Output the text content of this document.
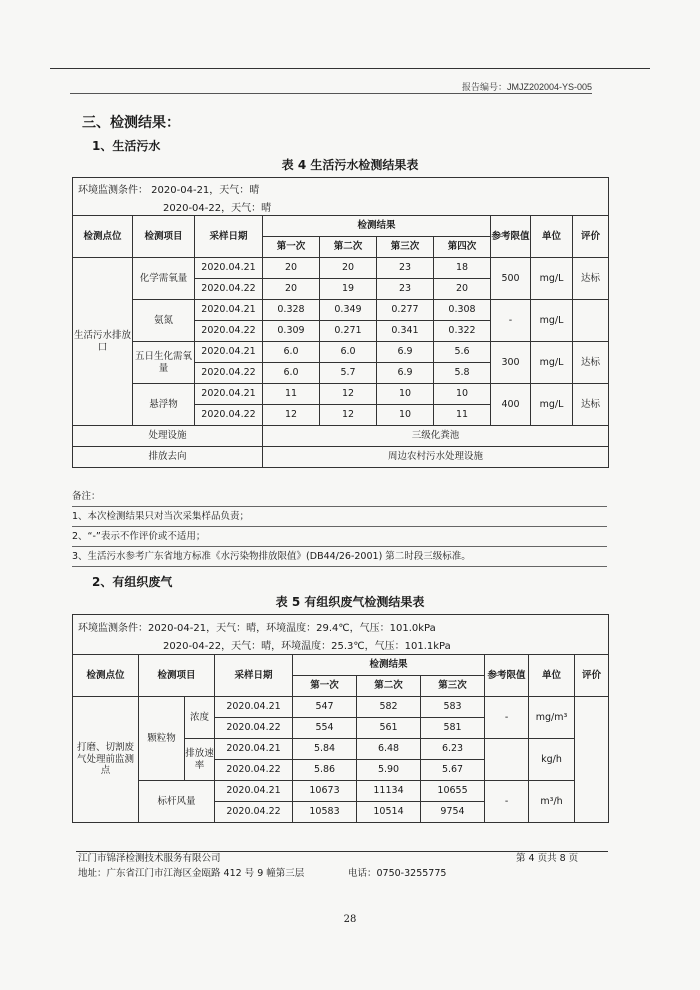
报告编号：JMJZ202004-YS-005
三、检测结果：
1、生活污水
表 4 生活污水检测结果表
环境监测条件： 2020-04-21，天气：晴
2020-04-22，天气：晴
检测点位	检测项目	采样日期	检测结果				参考限值	单位	评价
			第一次	第二次	第三次	第四次			
生活污水排放口	化学需氧量	2020.04.21	20	20	23	18	500	mg/L	达标
		2020.04.22	20	19	23	20			
	氨氮	2020.04.21	0.328	0.349	0.277	0.308	-	mg/L	
		2020.04.22	0.309	0.271	0.341	0.322			
	五日生化需氧量	2020.04.21	6.0	6.0	6.9	5.6	300	mg/L	达标
		2020.04.22	6.0	5.7	6.9	5.8			
	悬浮物	2020.04.21	11	12	10	10	400	mg/L	达标
		2020.04.22	12	12	10	11			
处理设施			三级化粪池						
排放去向			周边农村污水处理设施						
备注：
1、本次检测结果只对当次采集样品负责；
2、“-”表示不作评价或不适用；
3、生活污水参考广东省地方标准《水污染物排放限值》(DB44/26-2001) 第二时段三级标准。
2、有组织废气
表 5 有组织废气检测结果表
环境监测条件：2020-04-21，天气：晴，环境温度：29.4℃，气压：101.0kPa
2020-04-22，天气：晴，环境温度：25.3℃，气压：101.1kPa
检测点位	检测项目		采样日期	检测结果			参考限值	单位	评价
				第一次	第二次	第三次			
打磨、切割废气处理前监测点	颗粒物	浓度	2020.04.21	547	582	583	-	mg/m³	
			2020.04.22	554	561	581			
		排放速率	2020.04.21	5.84	6.48	6.23		kg/h	
			2020.04.22	5.86	5.90	5.67			
	标杆风量		2020.04.21	10673	11134	10655	-	m³/h	
			2020.04.22	10583	10514	9754			
江门市锦泽检测技术服务有限公司	第 4 页共 8 页
地址：广东省江门市江海区金瓯路 412 号 9 幢第三层	电话：0750-3255775
28
